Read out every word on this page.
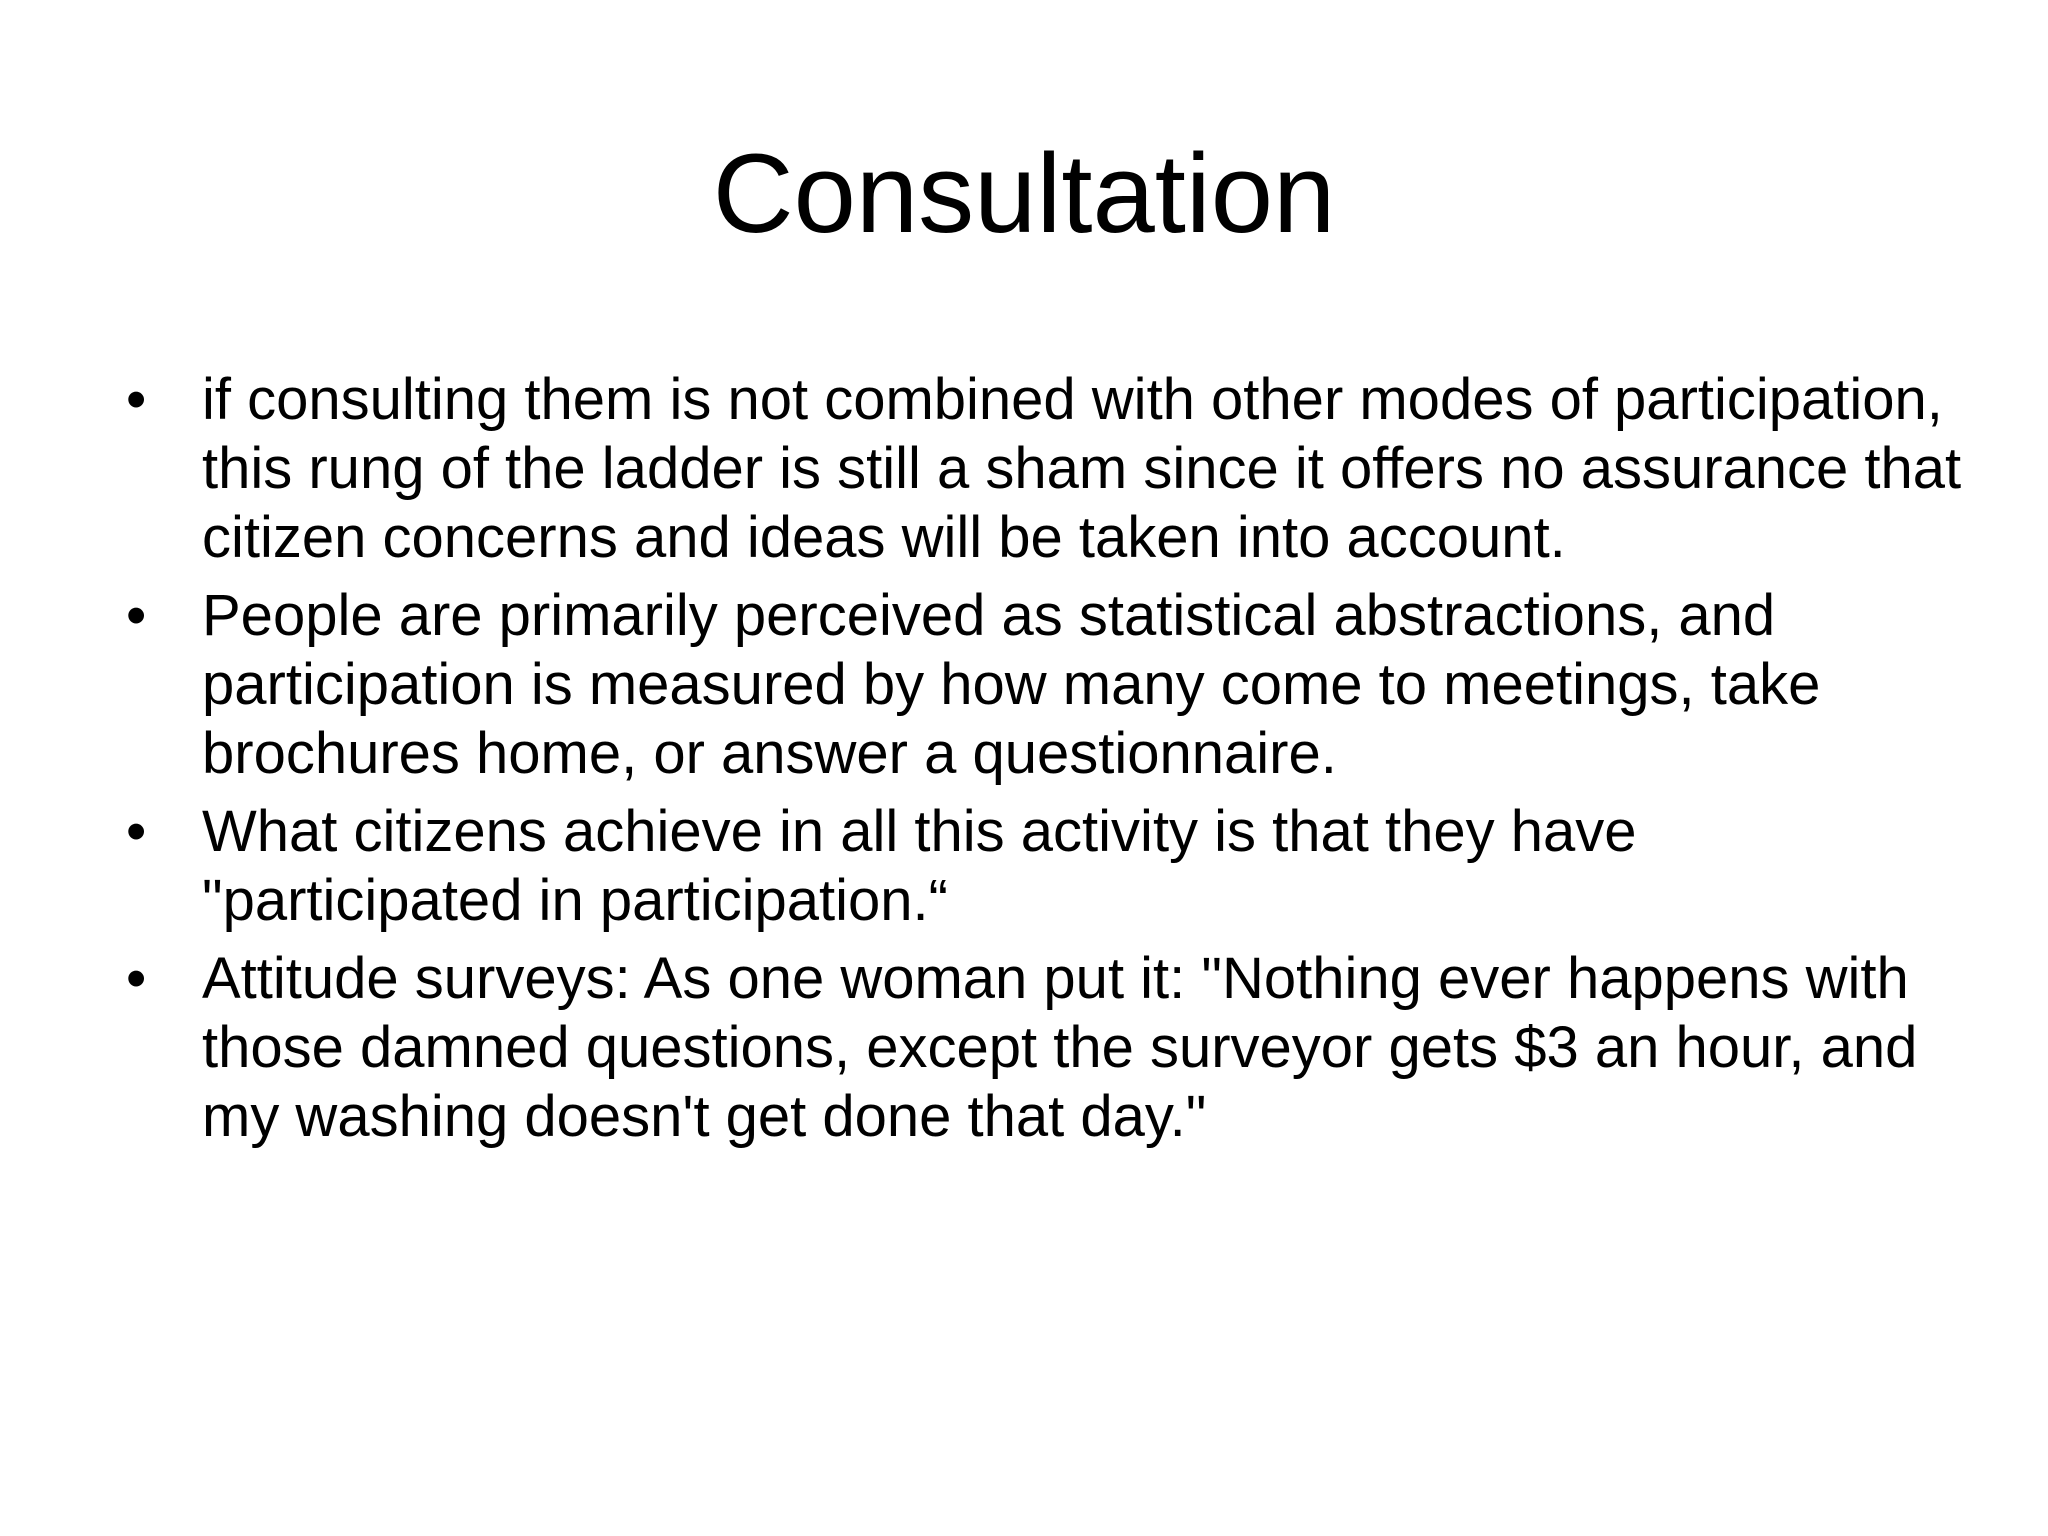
Consultation
• if consulting them is not combined with other modes of participation, this rung of the ladder is still a sham since it offers no assurance that citizen concerns and ideas will be taken into account.
• People are primarily perceived as statistical abstractions, and participation is measured by how many come to meetings, take brochures home, or answer a questionnaire.
• What citizens achieve in all this activity is that they have "participated in participation.“
• Attitude surveys: As one woman put it: "Nothing ever happens with those damned questions, except the surveyor gets $3 an hour, and my washing doesn't get done that day."
